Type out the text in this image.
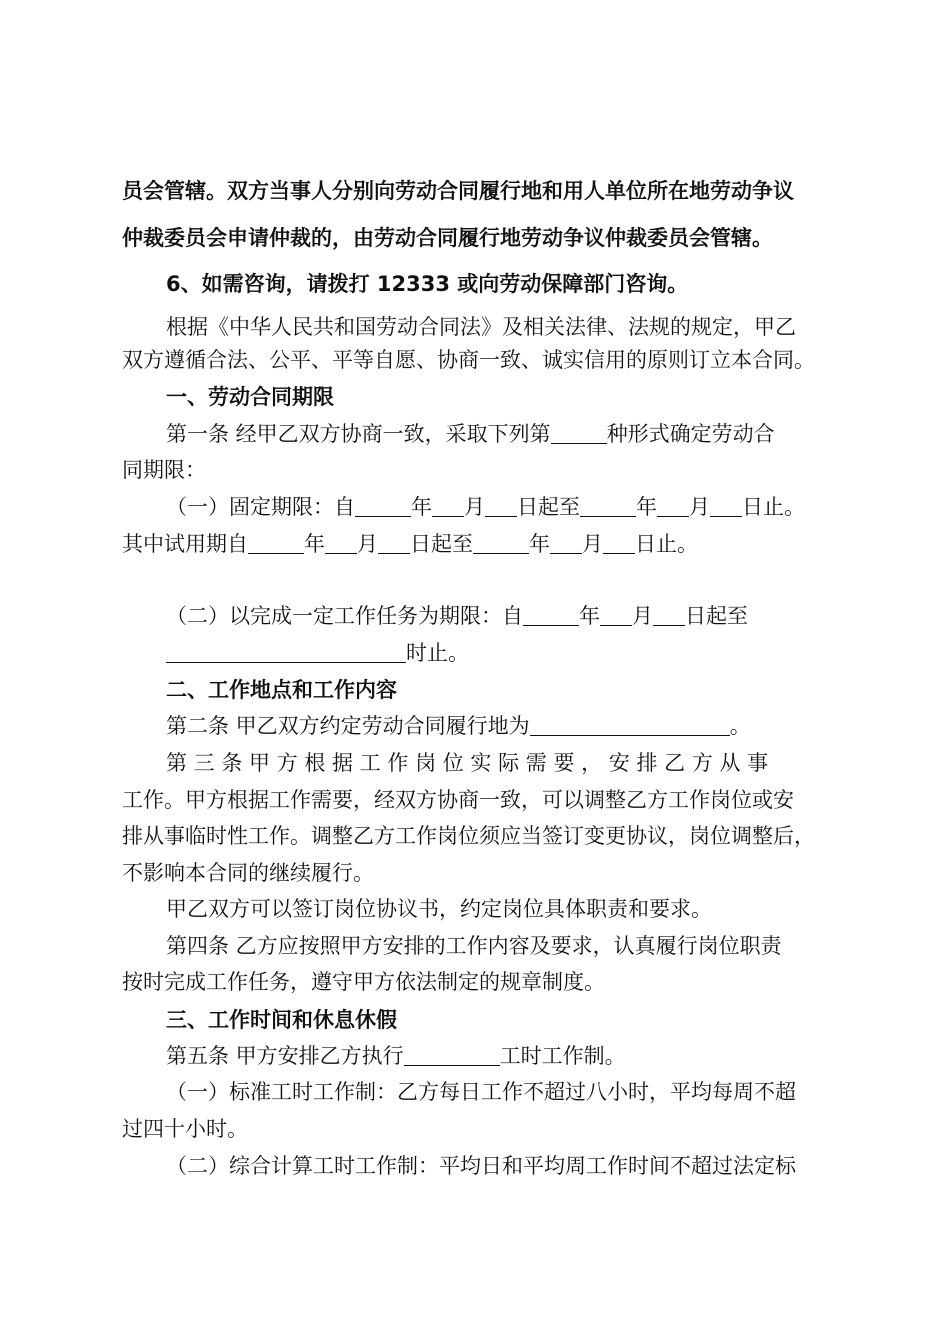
员会管辖。双方当事人分别向劳动合同履行地和用人单位所在地劳动争议
仲裁委员会申请仲裁的，由劳动合同履行地劳动争议仲裁委员会管辖。
6、如需咨询，请拨打 12333 或向劳动保障部门咨询。
根据《中华人民共和国劳动合同法》及相关法律、法规的规定，甲乙
双方遵循合法、公平、平等自愿、协商一致、诚实信用的原则订立本合同。
一、劳动合同期限
第一条 经甲乙双方协商一致，采取下列第	种形式确定劳动合
同期限：
（一）固定期限：自	年 月 日起至	年 月 日止。
其中试用期自	年 月 日起至	年 月 日止。
（二）以完成一定工作任务为期限：自	年 月 日起至
时止。
二、工作地点和工作内容
第二条 甲乙双方约定劳动合同履行地为	。
第 三 条 甲 方 根 据 工 作 岗 位 实 际 需 要 ， 安 排 乙 方 从 事
工作。甲方根据工作需要，经双方协商一致，可以调整乙方工作岗位或安
排从事临时性工作。调整乙方工作岗位须应当签订变更协议，岗位调整后，
不影响本合同的继续履行。
甲乙双方可以签订岗位协议书，约定岗位具体职责和要求。
第四条 乙方应按照甲方安排的工作内容及要求，认真履行岗位职责
按时完成工作任务，遵守甲方依法制定的规章制度。
三、工作时间和休息休假
第五条 甲方安排乙方执行	工时工作制。
（一）标准工时工作制：乙方每日工作不超过八小时，平均每周不超
过四十小时。
（二）综合计算工时工作制：平均日和平均周工作时间不超过法定标
